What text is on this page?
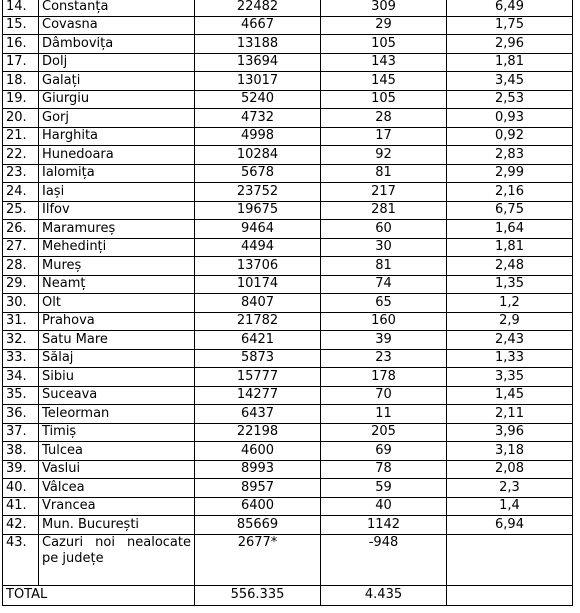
14.	Constanța	22482	309	6,49
15.	Covasna	4667	29	1,75
16.	Dâmbovița	13188	105	2,96
17.	Dolj	13694	143	1,81
18.	Galați	13017	145	3,45
19.	Giurgiu	5240	105	2,53
20.	Gorj	4732	28	0,93
21.	Harghita	4998	17	0,92
22.	Hunedoara	10284	92	2,83
23.	Ialomița	5678	81	2,99
24.	Iași	23752	217	2,16
25.	Ilfov	19675	281	6,75
26.	Maramureș	9464	60	1,64
27.	Mehedinți	4494	30	1,81
28.	Mureș	13706	81	2,48
29.	Neamț	10174	74	1,35
30.	Olt	8407	65	1,2
31.	Prahova	21782	160	2,9
32.	Satu Mare	6421	39	2,43
33.	Sălaj	5873	23	1,33
34.	Sibiu	15777	178	3,35
35.	Suceava	14277	70	1,45
36.	Teleorman	6437	11	2,11
37.	Timiș	22198	205	3,96
38.	Tulcea	4600	69	3,18
39.	Vaslui	8993	78	2,08
40.	Vâlcea	8957	59	2,3
41.	Vrancea	6400	40	1,4
42.	Mun. București	85669	1142	6,94
43.	Cazuri noi nealocate pe județe	2677*	-948	
TOTAL		556.335	4.435	
